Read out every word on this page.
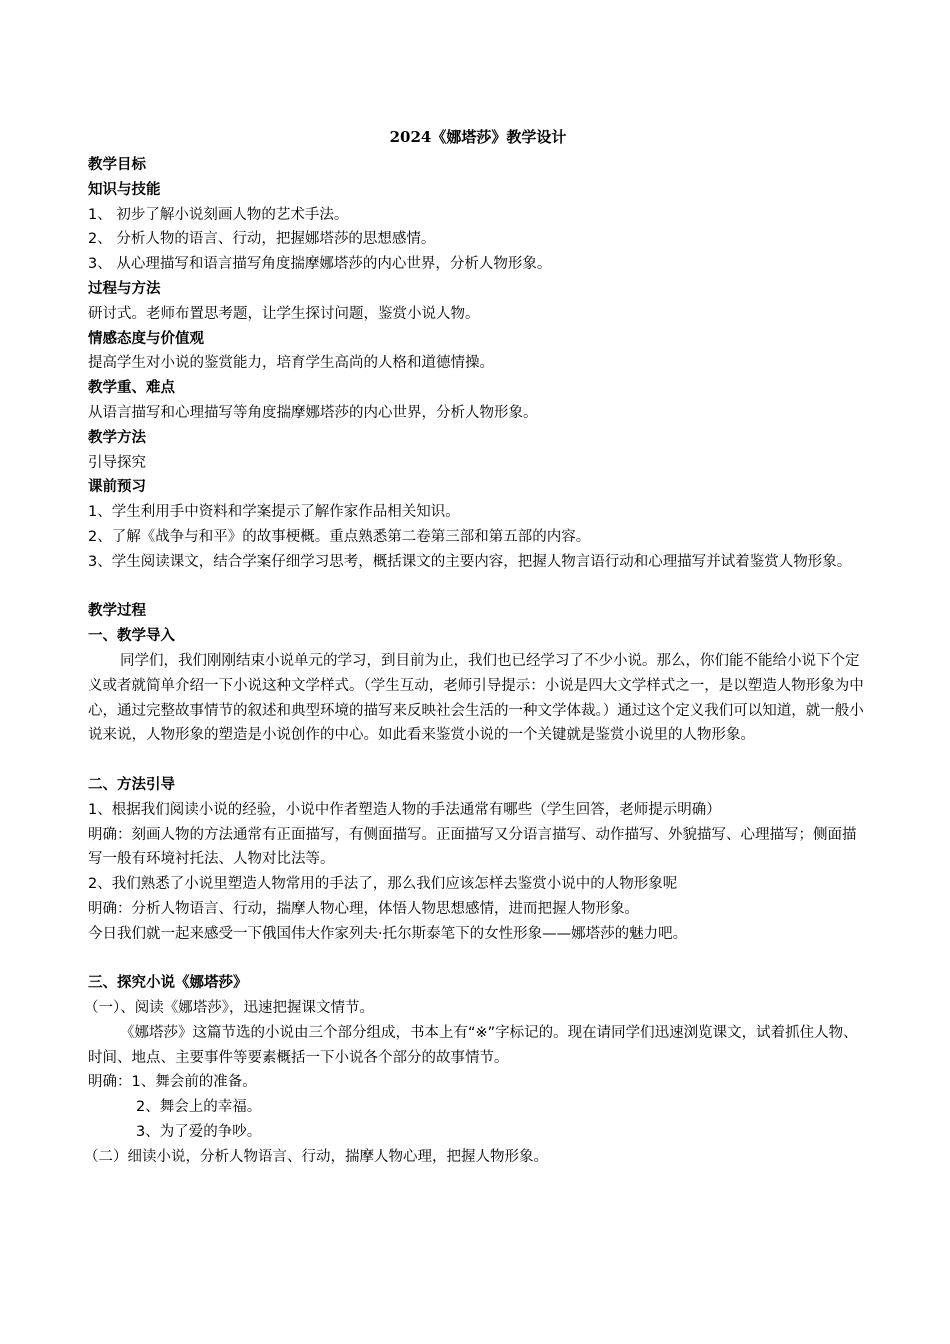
2024《娜塔莎》教学设计

教学目标

知识与技能

1、 初步了解小说刻画人物的艺术手法。

2、 分析人物的语言、行动，把握娜塔莎的思想感情。

3、 从心理描写和语言描写角度揣摩娜塔莎的内心世界，分析人物形象。

过程与方法

研讨式。老师布置思考题，让学生探讨问题，鉴赏小说人物。

情感态度与价值观

提高学生对小说的鉴赏能力，培育学生高尚的人格和道德情操。

教学重、难点

从语言描写和心理描写等角度揣摩娜塔莎的内心世界，分析人物形象。

教学方法

引导探究

课前预习

1、学生利用手中资料和学案提示了解作家作品相关知识。

2、了解《战争与和平》的故事梗概。重点熟悉第二卷第三部和第五部的内容。

3、学生阅读课文，结合学案仔细学习思考，概括课文的主要内容，把握人物言语行动和心理描写并试着鉴赏人物形象。

教学过程

一、教学导入

同学们，我们刚刚结束小说单元的学习，到目前为止，我们也已经学习了不少小说。那么，你们能不能给小说下个定义或者就简单介绍一下小说这种文学样式。（学生互动，老师引导提示：小说是四大文学样式之一，是以塑造人物形象为中心，通过完整故事情节的叙述和典型环境的描写来反映社会生活的一种文学体裁。）通过这个定义我们可以知道，就一般小说来说，人物形象的塑造是小说创作的中心。如此看来鉴赏小说的一个关键就是鉴赏小说里的人物形象。

二、方法引导

1、根据我们阅读小说的经验，小说中作者塑造人物的手法通常有哪些（学生回答，老师提示明确）

明确：刻画人物的方法通常有正面描写，有侧面描写。正面描写又分语言描写、动作描写、外貌描写、心理描写；侧面描写一般有环境衬托法、人物对比法等。

2、我们熟悉了小说里塑造人物常用的手法了，那么我们应该怎样去鉴赏小说中的人物形象呢

明确：分析人物语言、行动，揣摩人物心理，体悟人物思想感情，进而把握人物形象。

今日我们就一起来感受一下俄国伟大作家列夫·托尔斯泰笔下的女性形象——娜塔莎的魅力吧。

三、探究小说《娜塔莎》

（一）、阅读《娜塔莎》，迅速把握课文情节。

《娜塔莎》这篇节选的小说由三个部分组成，书本上有“※”字标记的。现在请同学们迅速浏览课文，试着抓住人物、时间、地点、主要事件等要素概括一下小说各个部分的故事情节。

明确：1、舞会前的准备。

2、舞会上的幸福。

3、为了爱的争吵。

（二）细读小说，分析人物语言、行动，揣摩人物心理，把握人物形象。
